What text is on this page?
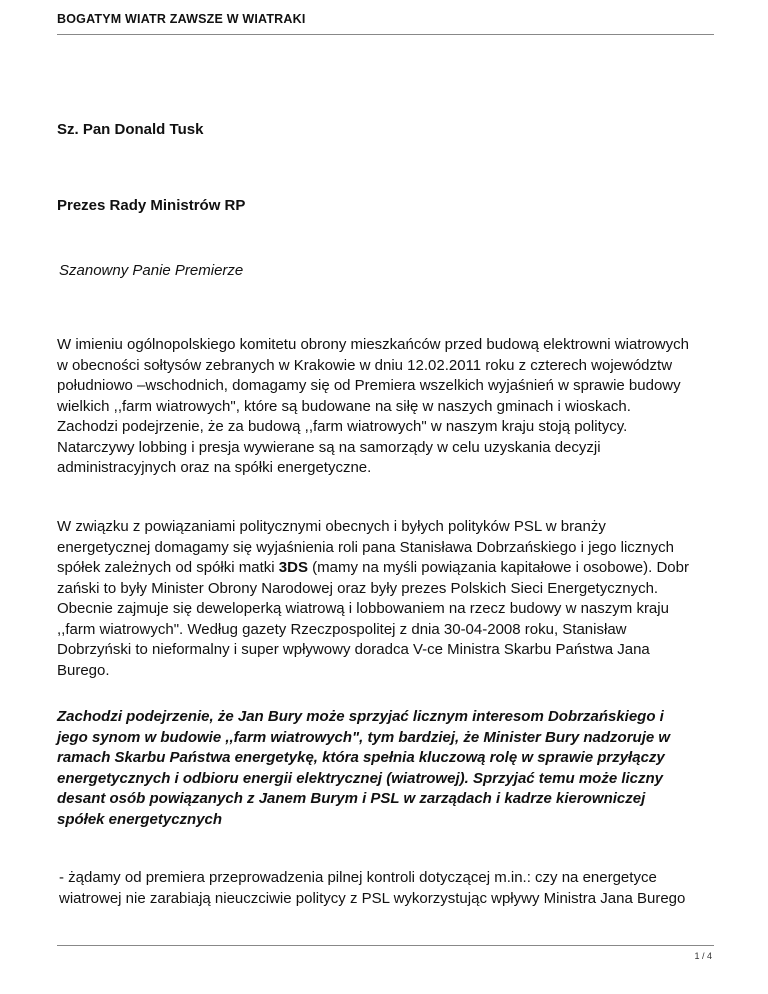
BOGATYM WIATR ZAWSZE W WIATRAKI
Sz. Pan Donald Tusk
Prezes Rady Ministrów RP
Szanowny Panie Premierze

W imieniu ogólnopolskiego komitetu obrony mieszkańców przed budową elektrowni wiatrowych
w obecności sołtysów zebranych w Krakowie w dniu 12.02.2011 roku z czterech województw
południowo –wschodnich, domagamy się od Premiera wszelkich wyjaśnień w sprawie budowy
wielkich ,,farm wiatrowych", które są budowane na siłę w naszych gminach i wioskach.
Zachodzi podejrzenie, że za budową ,,farm wiatrowych" w naszym kraju stoją politycy.
Natarczywy lobbing i presja wywierane są na samorządy w celu uzyskania decyzji
administracyjnych oraz na spółki energetyczne.

W związku z powiązaniami politycznymi obecnych i byłych polityków PSL w branży
energetycznej domagamy się wyjaśnienia roli pana Stanisława Dobrzańskiego i jego licznych
spółek zależnych od spółki matki 3DS (mamy na myśli powiązania kapitałowe i osobowe). Dobr
zański to były Minister Obrony Narodowej oraz były prezes Polskich Sieci Energetycznych.
Obecnie zajmuje się deweloperką wiatrową i lobbowaniem na rzecz budowy w naszym kraju
,,farm wiatrowych". Według gazety Rzeczpospolitej z dnia 30-04-2008 roku, Stanisław
Dobrzyński to nieformalny i super wpływowy doradca V-ce Ministra Skarbu Państwa Jana
Burego.

Zachodzi podejrzenie, że Jan Bury może sprzyjać licznym interesom Dobrzańskiego i
jego synom w budowie ,,farm wiatrowych", tym bardziej, że Minister Bury nadzoruje w
ramach Skarbu Państwa energetykę, która spełnia kluczową rolę w sprawie przyłączy
energetycznych i odbioru energii elektrycznej (wiatrowej). Sprzyjać temu może liczny
desant osób powiązanych z Janem Burym i PSL w zarządach i kadrze kierowniczej
spółek energetycznych

- żądamy od premiera przeprowadzenia pilnej kontroli dotyczącej m.in.: czy na energetyce
wiatrowej nie zarabiają nieuczciwie politycy z PSL wykorzystując wpływy Ministra Jana Burego

1 / 4
